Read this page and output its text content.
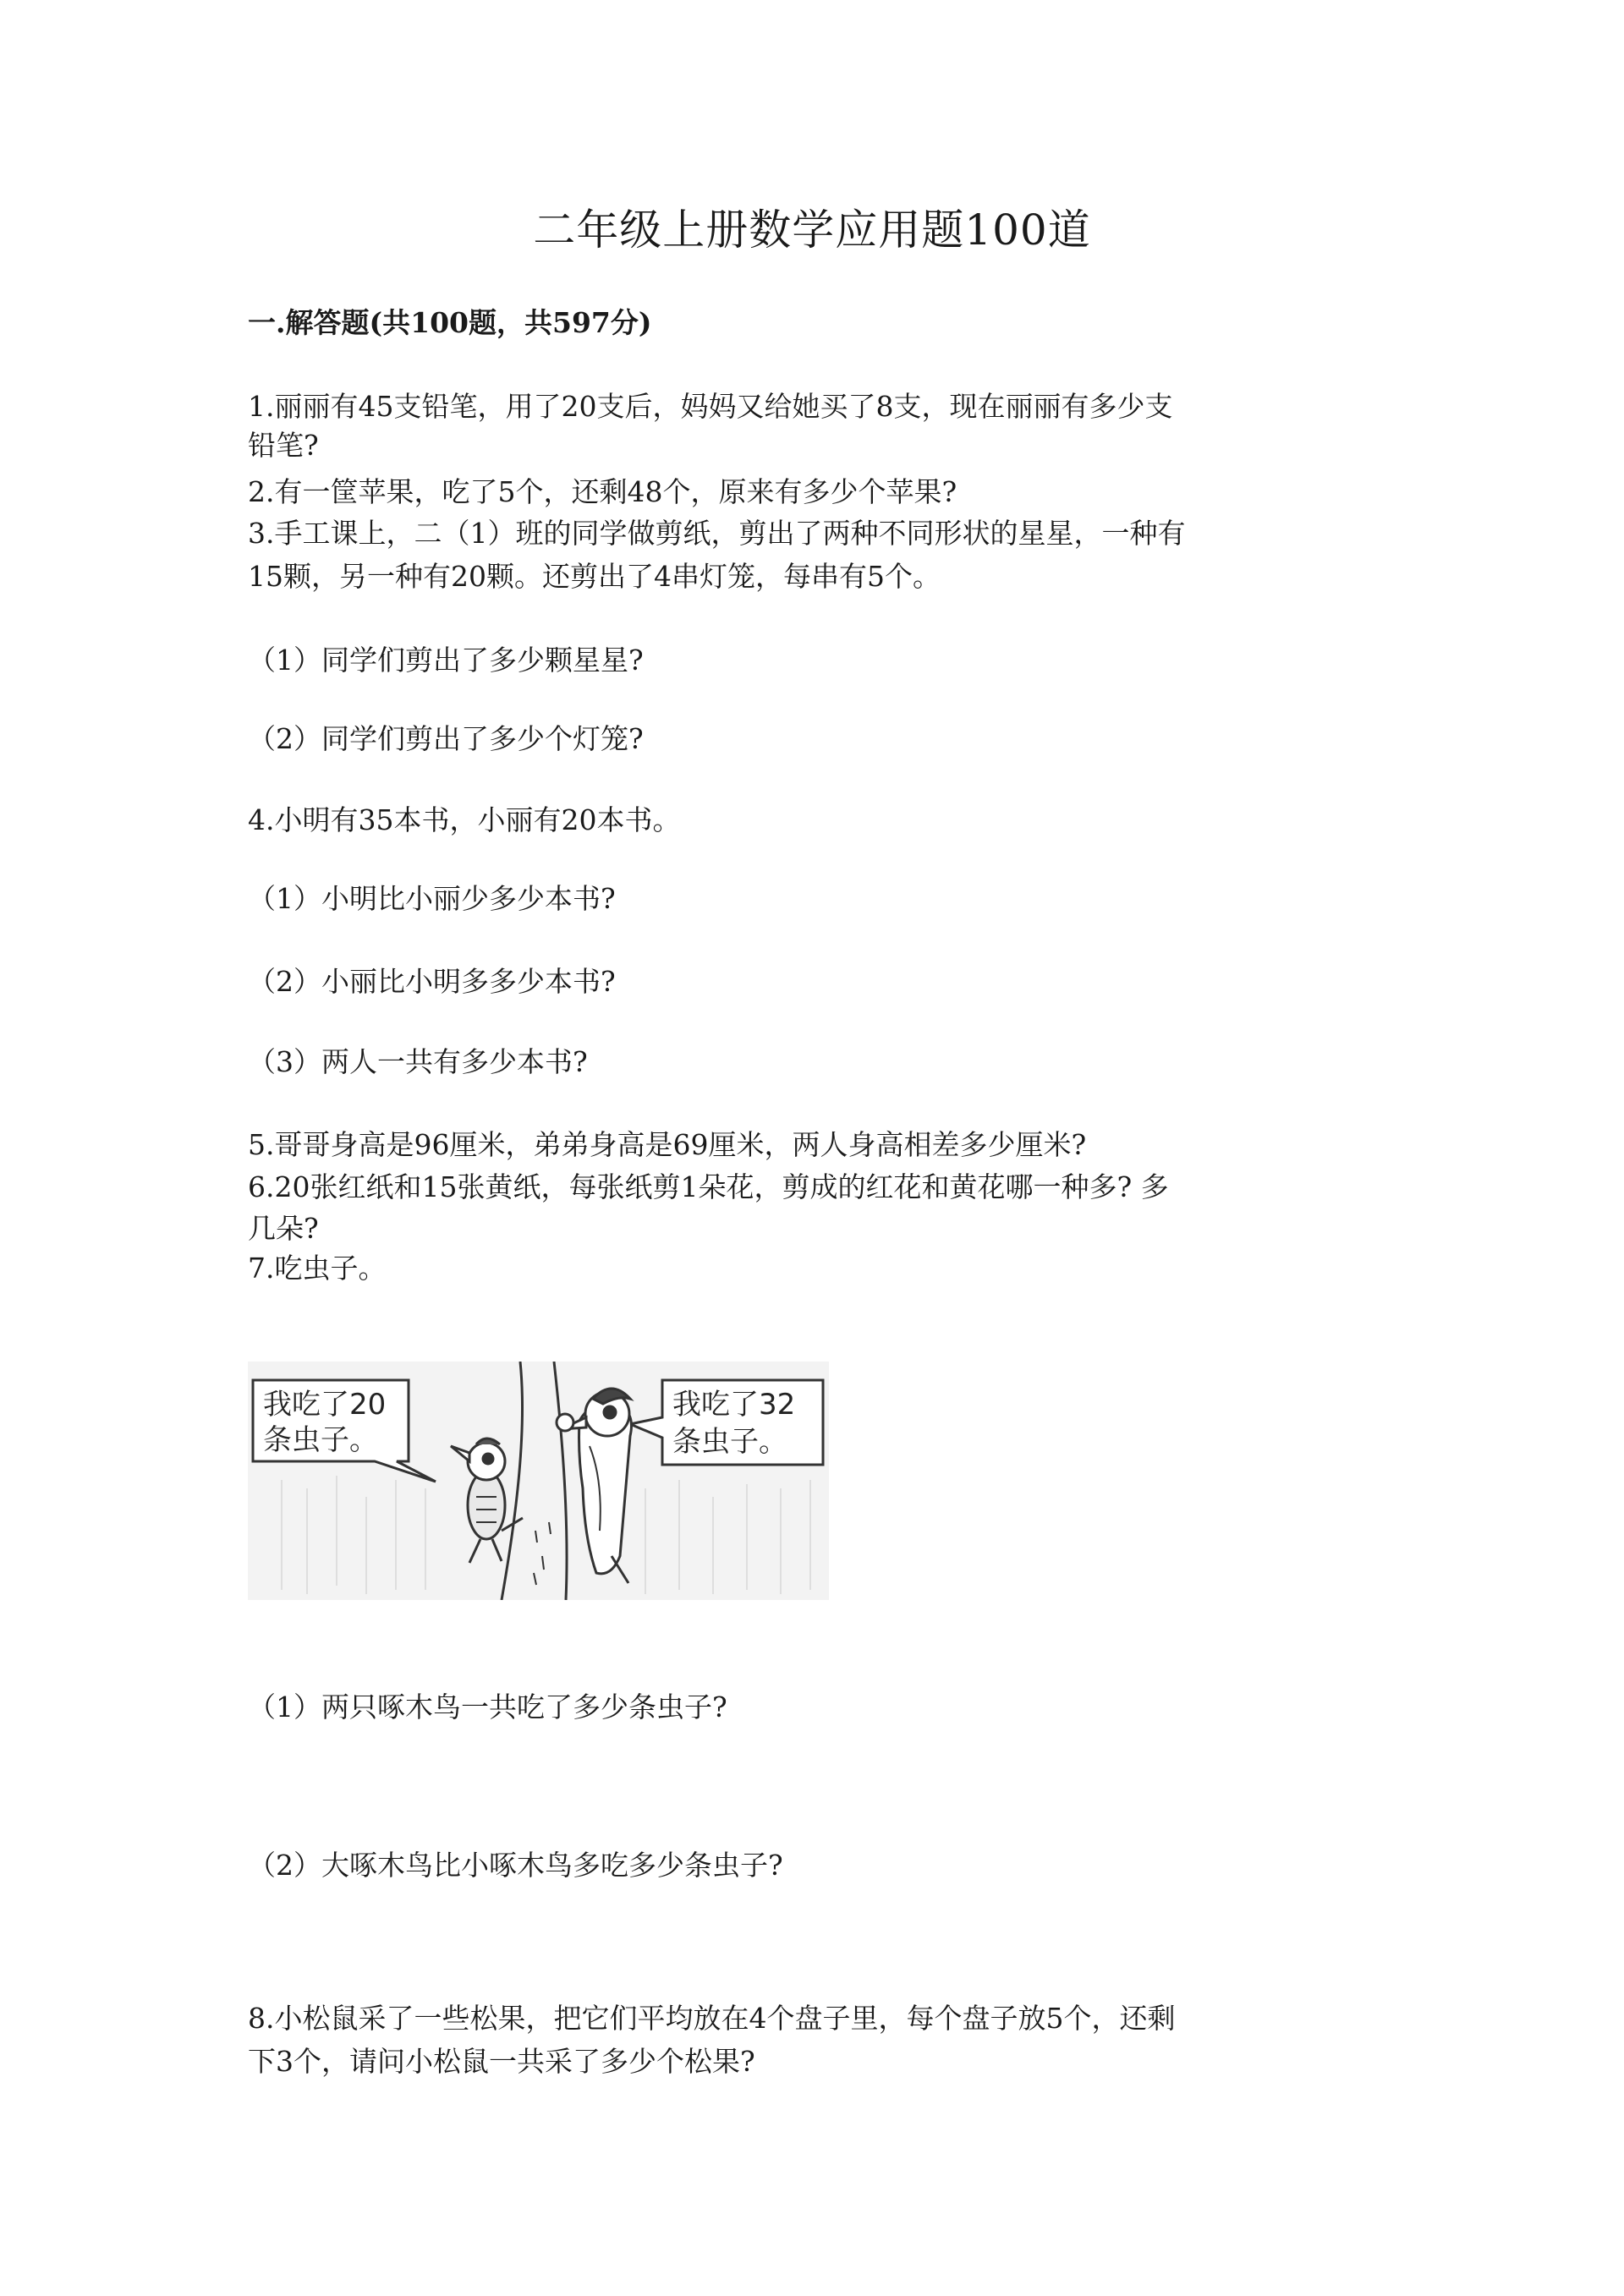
二年级上册数学应用题100道
一.解答题(共100题，共597分)
1.丽丽有45支铅笔，用了20支后，妈妈又给她买了8支，现在丽丽有多少支
铅笔?
2.有一筐苹果，吃了5个，还剩48个，原来有多少个苹果?
3.手工课上，二（1）班的同学做剪纸，剪出了两种不同形状的星星，一种有
15颗，另一种有20颗。还剪出了4串灯笼，每串有5个。
（1）同学们剪出了多少颗星星?
（2）同学们剪出了多少个灯笼?
4.小明有35本书，小丽有20本书。
（1）小明比小丽少多少本书?
（2）小丽比小明多多少本书?
（3）两人一共有多少本书?
5.哥哥身高是96厘米，弟弟身高是69厘米，两人身高相差多少厘米?
6.20张红纸和15张黄纸，每张纸剪1朵花，剪成的红花和黄花哪一种多? 多
几朵?
7.吃虫子。
我吃了20
条虫子。
我吃了32
条虫子。
（1）两只啄木鸟一共吃了多少条虫子?
（2）大啄木鸟比小啄木鸟多吃多少条虫子?
8.小松鼠采了一些松果，把它们平均放在4个盘子里，每个盘子放5个，还剩
下3个，请问小松鼠一共采了多少个松果?
